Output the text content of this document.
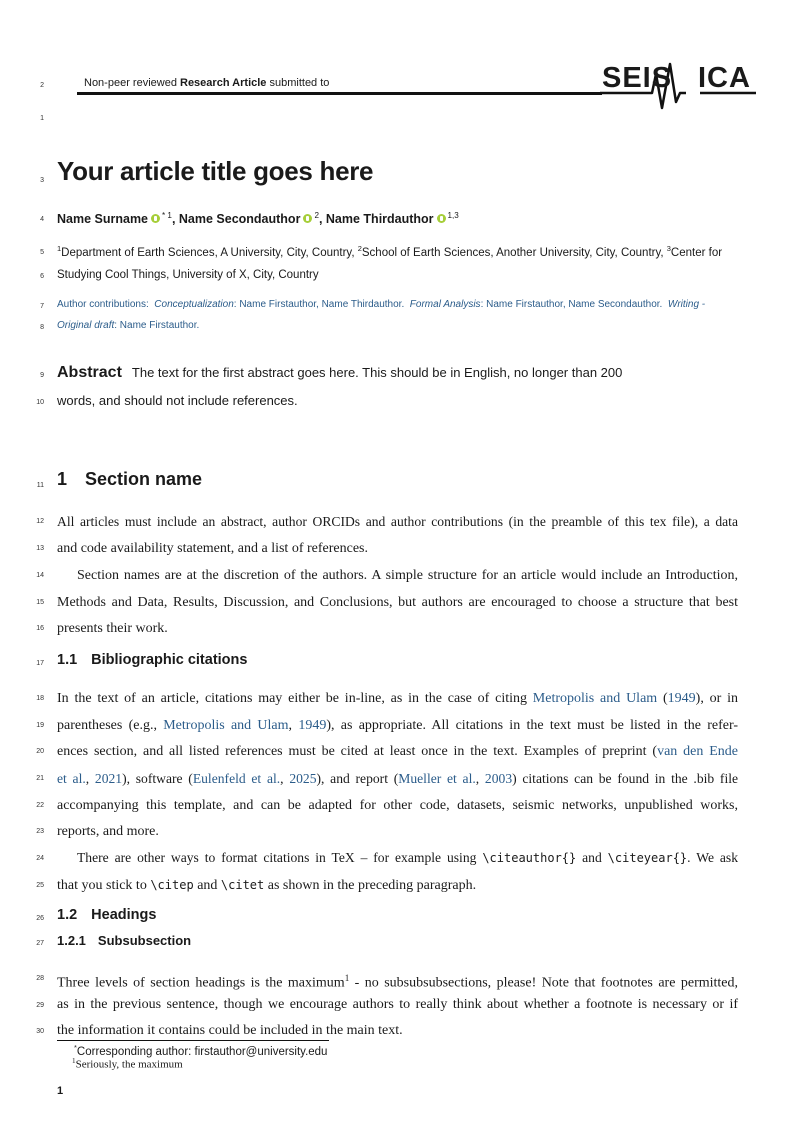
2	Non-peer reviewed Research Article submitted to	SEIS ICA
1
3
4
5
6
7
8
9
10
11
12
13
14
15
16
17
18
19
20
21
22
23
24
25
26
27
28
29
30
Your article title goes here
Name Surname $^{* 1}$, Name Secondauthor $^2$, Name Thirdauthor $^{1,3}$
$^1$Department of Earth Sciences, A University, City, Country, $^2$School of Earth Sciences, Another University, City, Country, $^3$Center for
Studying Cool Things, University of X, City, Country
Author contributions: Conceptualization: Name Firstauthor, Name Thirdauthor. Formal Analysis: Name Firstauthor, Name Secondauthor. Writing -
Original draft: Name Firstauthor.
Abstract The text for the first abstract goes here. This should be in English, no longer than 200
words, and should not include references.
1 Section name
All articles must include an abstract, author ORCIDs and author contributions (in the preamble of this tex file), a data
and code availability statement, and a list of references.
Section names are at the discretion of the authors. A simple structure for an article would include an Introduction,
Methods and Data, Results, Discussion, and Conclusions, but authors are encouraged to choose a structure that best
presents their work.
1.1 Bibliographic citations
In the text of an article, citations may either be in-line, as in the case of citing Metropolis and Ulam (1949), or in
parentheses (e.g., Metropolis and Ulam, 1949), as appropriate. All citations in the text must be listed in the refer-
ences section, and all listed references must be cited at least once in the text. Examples of preprint (van den Ende
et al., 2021), software (Eulenfeld et al., 2025), and report (Mueller et al., 2003) citations can be found in the .bib file
accompanying this template, and can be adapted for other code, datasets, seismic networks, unpublished works,
reports, and more.
There are other ways to format citations in TeX – for example using \citeauthor{} and \citeyear{}. We ask
that you stick to \citep and \citet as shown in the preceding paragraph.
1.2 Headings
1.2.1 Subsubsection
Three levels of section headings is the maximum$^1$ - no subsubsubsections, please! Note that footnotes are permitted,
as in the previous sentence, though we encourage authors to really think about whether a footnote is necessary or if
the information it contains could be included in the main text.
*Corresponding author: firstauthor@university.edu
$^1$Seriously, the maximum
1
